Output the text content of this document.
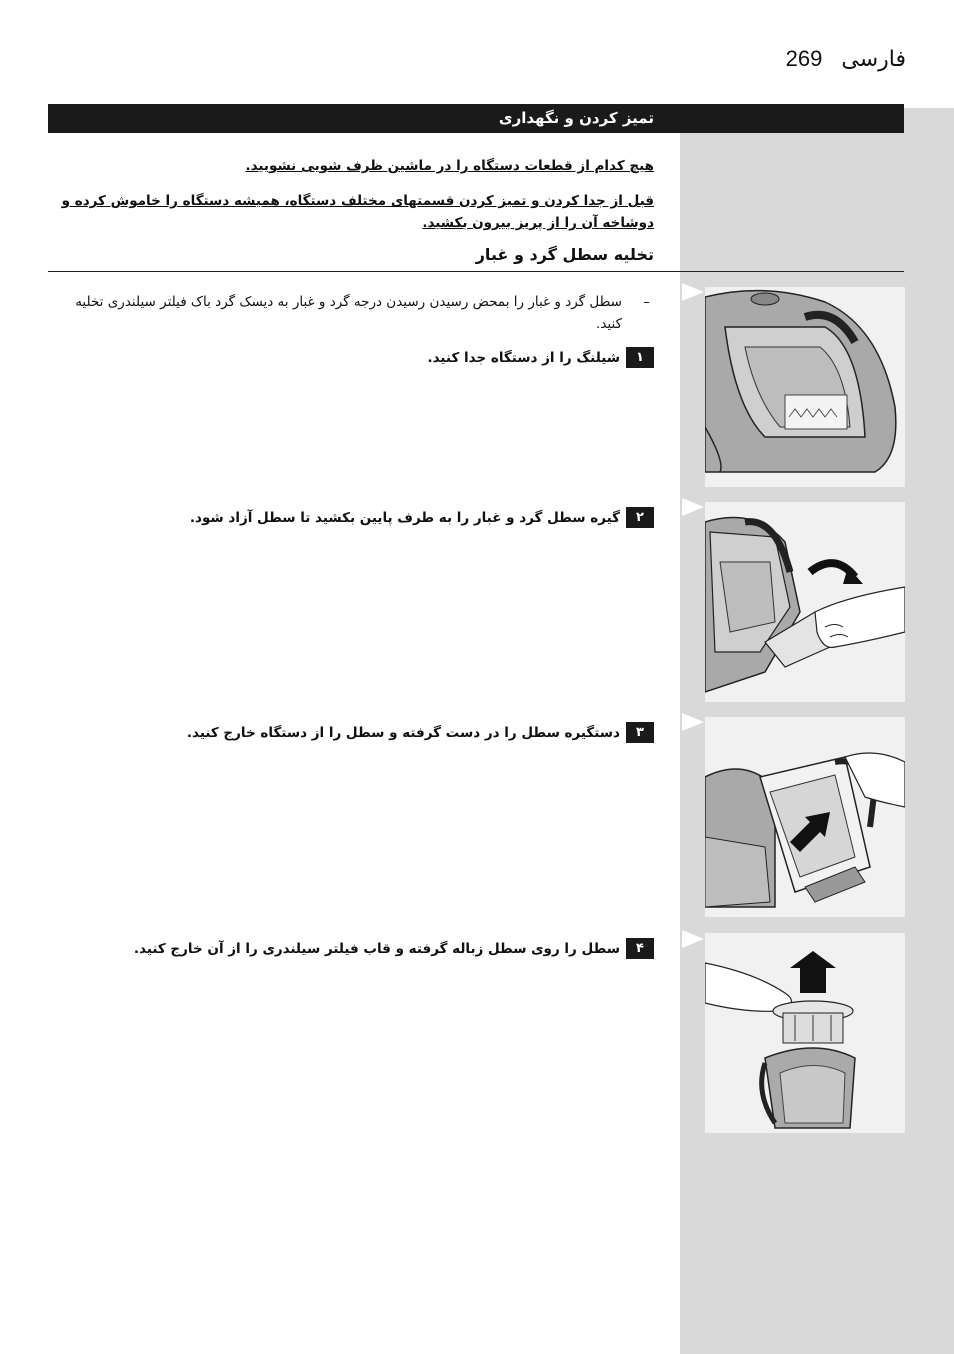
فارسی 269
تمیز کردن و نگهداری
هیچ کدام از قطعات دستگاه را در ماشین ظرف شویی نشویید.
قبل از جدا کردن و تمیز کردن قسمتهای مختلف دستگاه، همیشه دستگاه را خاموش کرده و دوشاخه آن را از پریز بیرون بکشید.
تخلیه سطل گرد و غبار
–
سطل گرد و غبار را بمحض رسیدن رسیدن درجه گرد و غبار به دیسک گرد باک فیلتر سیلندری تخلیه کنید.
۱
شیلنگ را از دستگاه جدا کنید.
۲
گیره سطل گرد و غبار را به طرف پایین بکشید تا سطل آزاد شود.
۳
دستگیره سطل را در دست گرفته و سطل را از دستگاه خارج کنید.
۴
سطل را روی سطل زباله گرفته و قاب فیلتر سیلندری را از آن خارج کنید.
